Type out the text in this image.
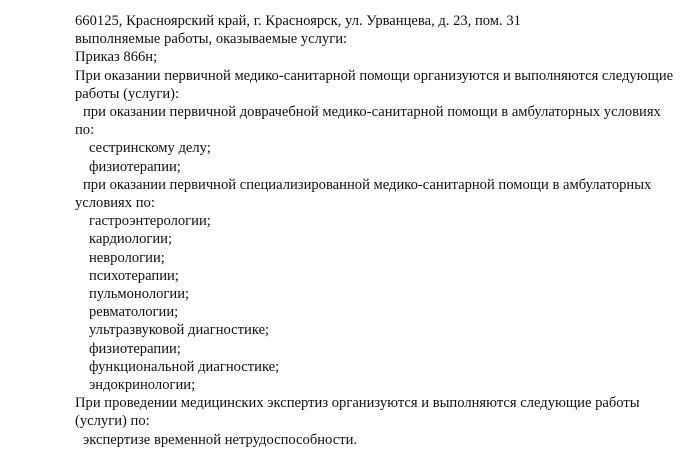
660125, Красноярский край, г. Красноярск, ул. Урванцева, д. 23, пом. 31
выполняемые работы, оказываемые услуги:
Приказ 866н;
При оказании первичной медико-санитарной помощи организуются и выполняются следующие
работы (услуги):
при оказании первичной доврачебной медико-санитарной помощи в амбулаторных условиях
по:
сестринскому делу;
физиотерапии;
при оказании первичной специализированной медико-санитарной помощи в амбулаторных
условиях по:
гастроэнтерологии;
кардиологии;
неврологии;
психотерапии;
пульмонологии;
ревматологии;
ультразвуковой диагностике;
физиотерапии;
функциональной диагностике;
эндокринологии;
При проведении медицинских экспертиз организуются и выполняются следующие работы
(услуги) по:
экспертизе временной нетрудоспособности.
